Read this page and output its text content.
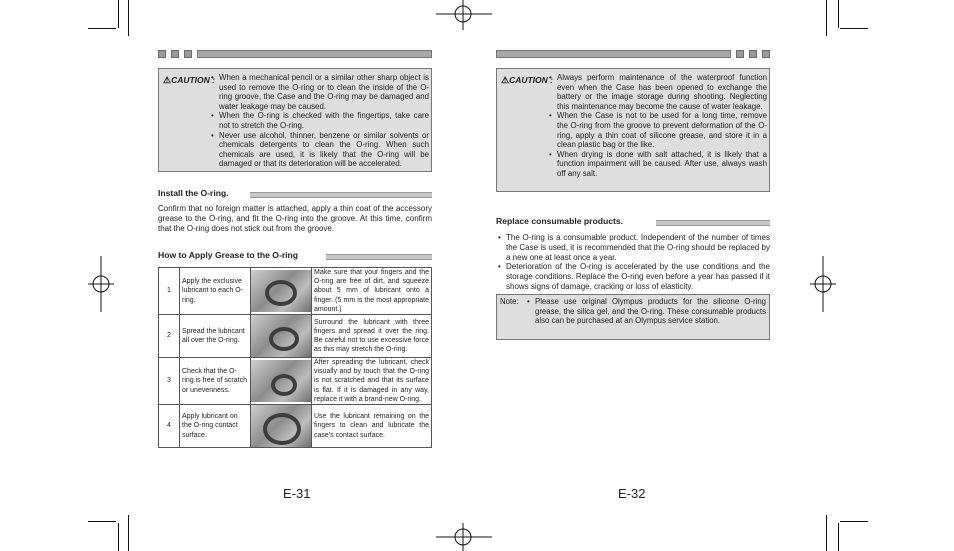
⚠CAUTION : • When a mechanical pencil or a similar other sharp object is used to remove the O-ring or to clean the inside of the O-ring groove, the Case and the O-ring may be damaged and water leakage may be caused.
• When the O-ring is checked with the fingertips, take care not to stretch the O-ring.
• Never use alcohol, thinner, benzene or similar solvents or chemicals detergents to clean the O-ring. When such chemicals are used, it is likely that the O-ring will be damaged or that its deterioration will be accelerated.
Install the O-ring.

Confirm that no foreign matter is attached, apply a thin coat of the accessory grease to the O-ring, and fit the O-ring into the groove. At this time, confirm that the O-ring does not stick out from the groove.

How to Apply Grease to the O-ring
1	Apply the exclusive lubricant to each O-ring.		Make sure that your fingers and the O-ring are free of dirt, and squeeze about 5 mm of lubricant onto a finger. (5 mm is the most appropriate amount.)
2	Spread the lubricant all over the O-ring.		Surround the lubricant with three fingers and spread it over the ring. Be careful not to use excessive force as this may stretch the O-ring.
3	Check that the O-ring is free of scratch or unevenness.		After spreading the lubricant, check visually and by touch that the O-ring is not scratched and that its surface is flat. If it is damaged in any way, replace it with a brand-new O-ring.
4	Apply lubricant on the O-ring contact surface.		Use the lubricant remaining on the fingers to clean and lubricate the case's contact surface.
E-31
⚠CAUTION : • Always perform maintenance of the waterproof function even when the Case has been opened to exchange the battery or the image storage during shooting. Neglecting this maintenance may become the cause of water leakage.
• When the Case is not to be used for a long time, remove the O-ring from the groove to prevent deformation of the O-ring, apply a thin coat of silicone grease, and store it in a clean plastic bag or the like.
• When drying is done with salt attached, it is likely that a function impairment will be caused. After use, always wash off any salt.
Replace consumable products.
• The O-ring is a consumable product. Independent of the number of times the Case is used, it is recommended that the O-ring should be replaced by a new one at least once a year.
• Deterioration of the O-ring is accelerated by the use conditions and the storage conditions. Replace the O-ring even before a year has passed if it shows signs of damage, cracking or loss of elasticity.
Note:	• Please use original Olympus products for the silicone O-ring grease, the silica gel, and the O-ring. These consumable products also can be purchased at an Olympus service station.
E-32
